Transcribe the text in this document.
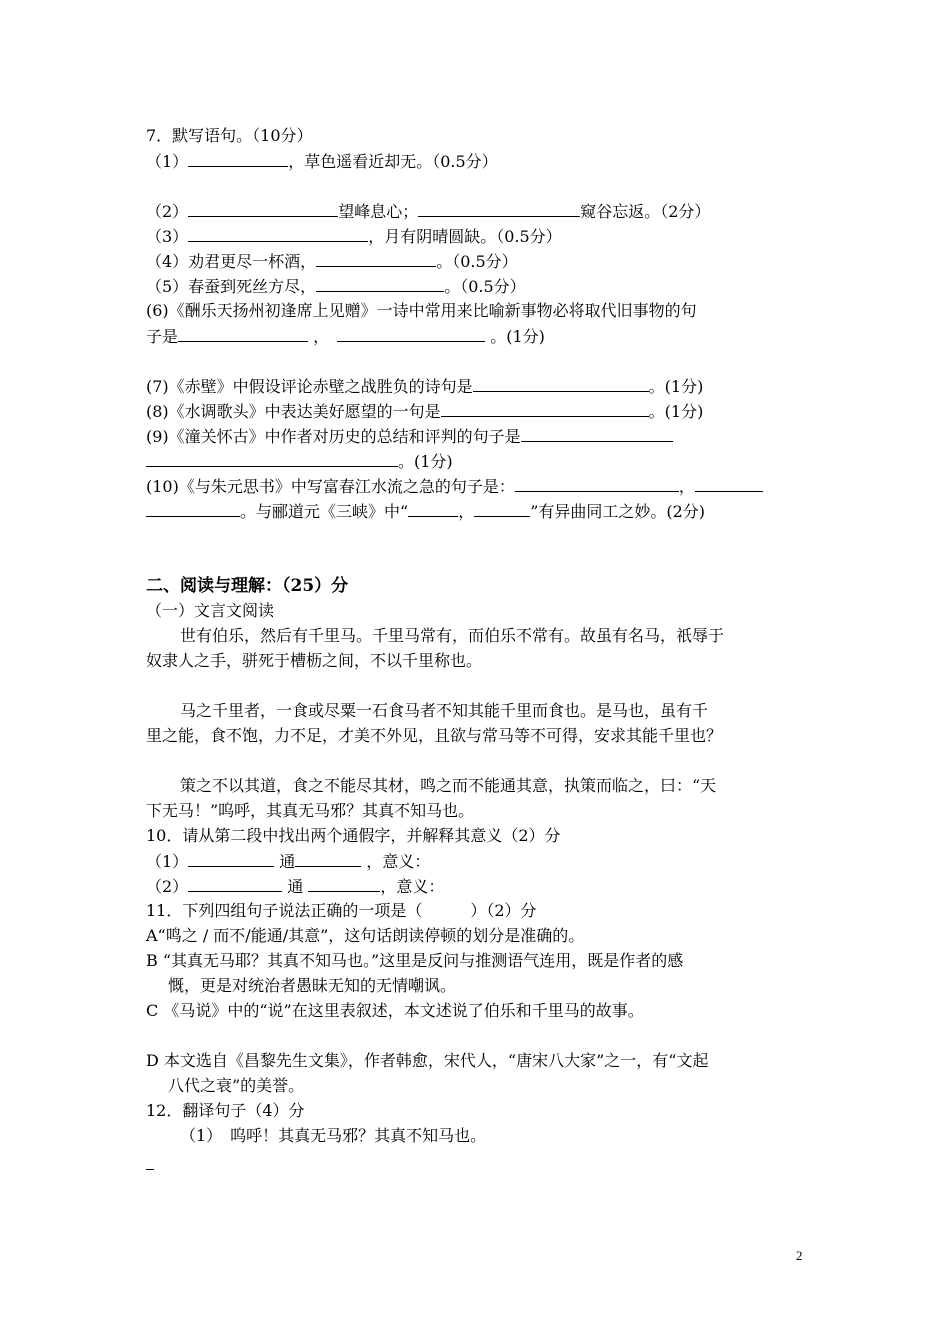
7．默写语句。（10分）
（1）	，草色遥看近却无。（0.5分）
（2）	望峰息心；	窥谷忘返。（2分）
（3）	，月有阴晴圆缺。（0.5分）
（4）劝君更尽一杯酒，	。（0.5分）
（5）春蚕到死丝方尽，	。（0.5分）
(6)《酬乐天扬州初逢席上见赠》一诗中常用来比喻新事物必将取代旧事物的句
子是	，	。(1分)
(7)《赤壁》中假设评论赤壁之战胜负的诗句是	。(1分)
(8)《水调歌头》中表达美好愿望的一句是	。(1分)
(9)《潼关怀古》中作者对历史的总结和评判的句子是
。(1分)
(10)《与朱元思书》中写富春江水流之急的句子是：	，
。与郦道元《三峡》中“	，	”有异曲同工之妙。(2分)
二、阅读与理解：（25）分
（一）文言文阅读
世有伯乐，然后有千里马。千里马常有，而伯乐不常有。故虽有名马，祇辱于
奴隶人之手，骈死于槽枥之间，不以千里称也。
马之千里者，一食或尽粟一石食马者不知其能千里而食也。是马也，虽有千
里之能，食不饱，力不足，才美不外见，且欲与常马等不可得，安求其能千里也？
策之不以其道，食之不能尽其材，鸣之而不能通其意，执策而临之，曰：“天
下无马！”呜呼，其真无马邪？其真不知马也。
10．请从第二段中找出两个通假字，并解释其意义（2）分
（1）	通	，意义：
（2）	通	，意义：
11．下列四组句子说法正确的一项是（　　　）（2）分
A“鸣之 / 而不/能通/其意”，这句话朗读停顿的划分是准确的。
B “其真无马耶？其真不知马也。”这里是反问与推测语气连用，既是作者的感
慨，更是对统治者愚昧无知的无情嘲讽。
C 《马说》中的“说”在这里表叙述，本文述说了伯乐和千里马的故事。
D 本文选自《昌黎先生文集》，作者韩愈，宋代人，“唐宋八大家”之一，有“文起
八代之衰”的美誉。
12．翻译句子（4）分
（1）　呜呼！其真无马邪？其真不知马也。
2
